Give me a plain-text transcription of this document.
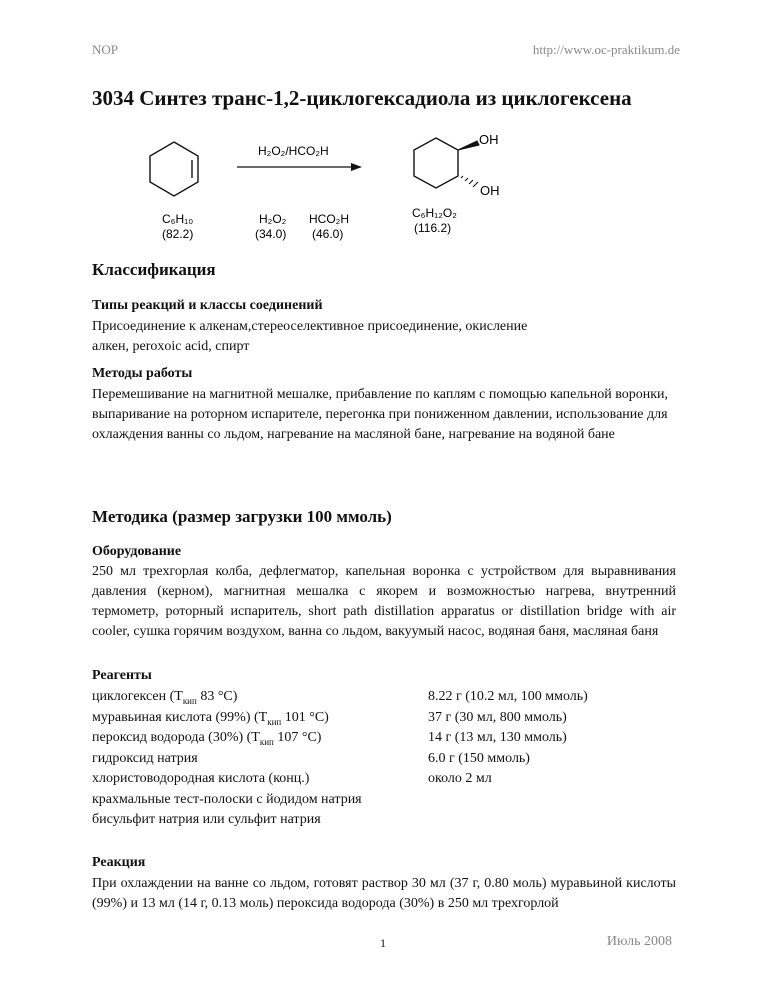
NOP	http://www.oc-praktikum.de
3034 Синтез транс-1,2-циклогексадиола из циклогексена
H₂O₂/HCO₂H
OH
OH
C₆H₁₀
(82.2)
H₂O₂
(34.0)
HCO₂H
(46.0)
C₆H₁₂O₂
(116.2)
Классификация
Типы реакций и классы соединений

Присоединение к алкенам,стереоселективное присоединение, окисление

алкен, peroxoic acid, спирт

Методы работы

Перемешивание на магнитной мешалке, прибавление по каплям с помощью капельной воронки, выпаривание на роторном испарителе, перегонка при пониженном давлении, использование для охлаждения ванны со льдом, нагревание на масляной бане, нагревание на водяной бане

Методика (размер загрузки 100 ммоль)
Оборудование

250 мл трехгорлая колба, дефлегматор, капельная воронка с устройством для выравнивания давления (керном), магнитная мешалка с якорем и возможностью нагрева, внутренний термометр, роторный испаритель, short path distillation apparatus or distillation bridge with air cooler, сушка горячим воздухом, ванна со льдом, вакуумый насос, водяная баня, масляная баня

Реагенты
циклогексен ($T_{кип}$ 83 °C)
муравьиная кислота (99%) ($T_{кип}$ 101 °C)
пероксид водорода (30%) ($T_{кип}$ 107 °C)
гидроксид натрия
хлористоводородная кислота (конц.)
крахмальные тест-полоски с йодидом натрия
бисульфит натрия или сульфит натрия
8.22 г (10.2 мл, 100 ммоль)
37 г (30 мл, 800 ммоль)
14 г (13 мл, 130 ммоль)
6.0 г (150 ммоль)
около 2 мл
Реакция

При охлаждении на ванне со льдом, готовят раствор 30 мл (37 г, 0.80 моль) муравьиной кислоты (99%) и 13 мл (14 г, 0.13 моль) пероксида водорода (30%) в 250 мл трехгорлой

1	Июль 2008
